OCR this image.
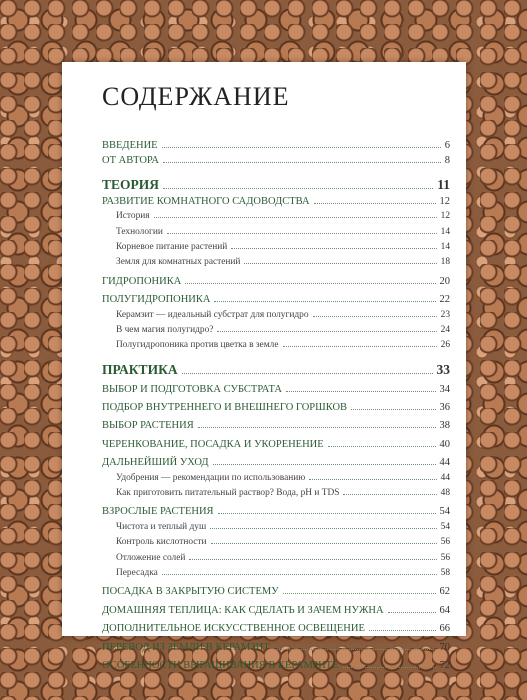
СОДЕРЖАНИЕ
ВВЕДЕНИЕ	6
ОТ АВТОРА	8
ТЕОРИЯ	11
РАЗВИТИЕ КОМНАТНОГО САДОВОДСТВА	12
История	12
Технологии	14
Корневое питание растений	14
Земля для комнатных растений	18
ГИДРОПОНИКА	20
ПОЛУГИДРОПОНИКА	22
Керамзит — идеальный субстрат для полугидро	23
В чем магия полугидро?	24
Полугидропоника против цветка в земле	26
ПРАКТИКА	33
ВЫБОР И ПОДГОТОВКА СУБСТРАТА	34
ПОДБОР ВНУТРЕННЕГО И ВНЕШНЕГО ГОРШКОВ	36
ВЫБОР РАСТЕНИЯ	38
ЧЕРЕНКОВАНИЕ, ПОСАДКА И УКОРЕНЕНИЕ	40
ДАЛЬНЕЙШИЙ УХОД	44
Удобрения — рекомендации по использованию	44
Как приготовить питательный раствор? Вода, pH и TDS	48
ВЗРОСЛЫЕ РАСТЕНИЯ	54
Чистота и теплый душ	54
Контроль кислотности	56
Отложение солей	56
Пересадка	58
ПОСАДКА В ЗАКРЫТУЮ СИСТЕМУ	62
ДОМАШНЯЯ ТЕПЛИЦА: КАК СДЕЛАТЬ И ЗАЧЕМ НУЖНА	64
ДОПОЛНИТЕЛЬНОЕ ИСКУССТВЕННОЕ ОСВЕЩЕНИЕ	66
ПЕРЕВОД ИЗ ЗЕМЛИ В КЕРАМЗИТ	70
ОСОБЕННОСТИ ВЫРАЩИВАНИЯ В КЕРАМЗИТЕ	72
